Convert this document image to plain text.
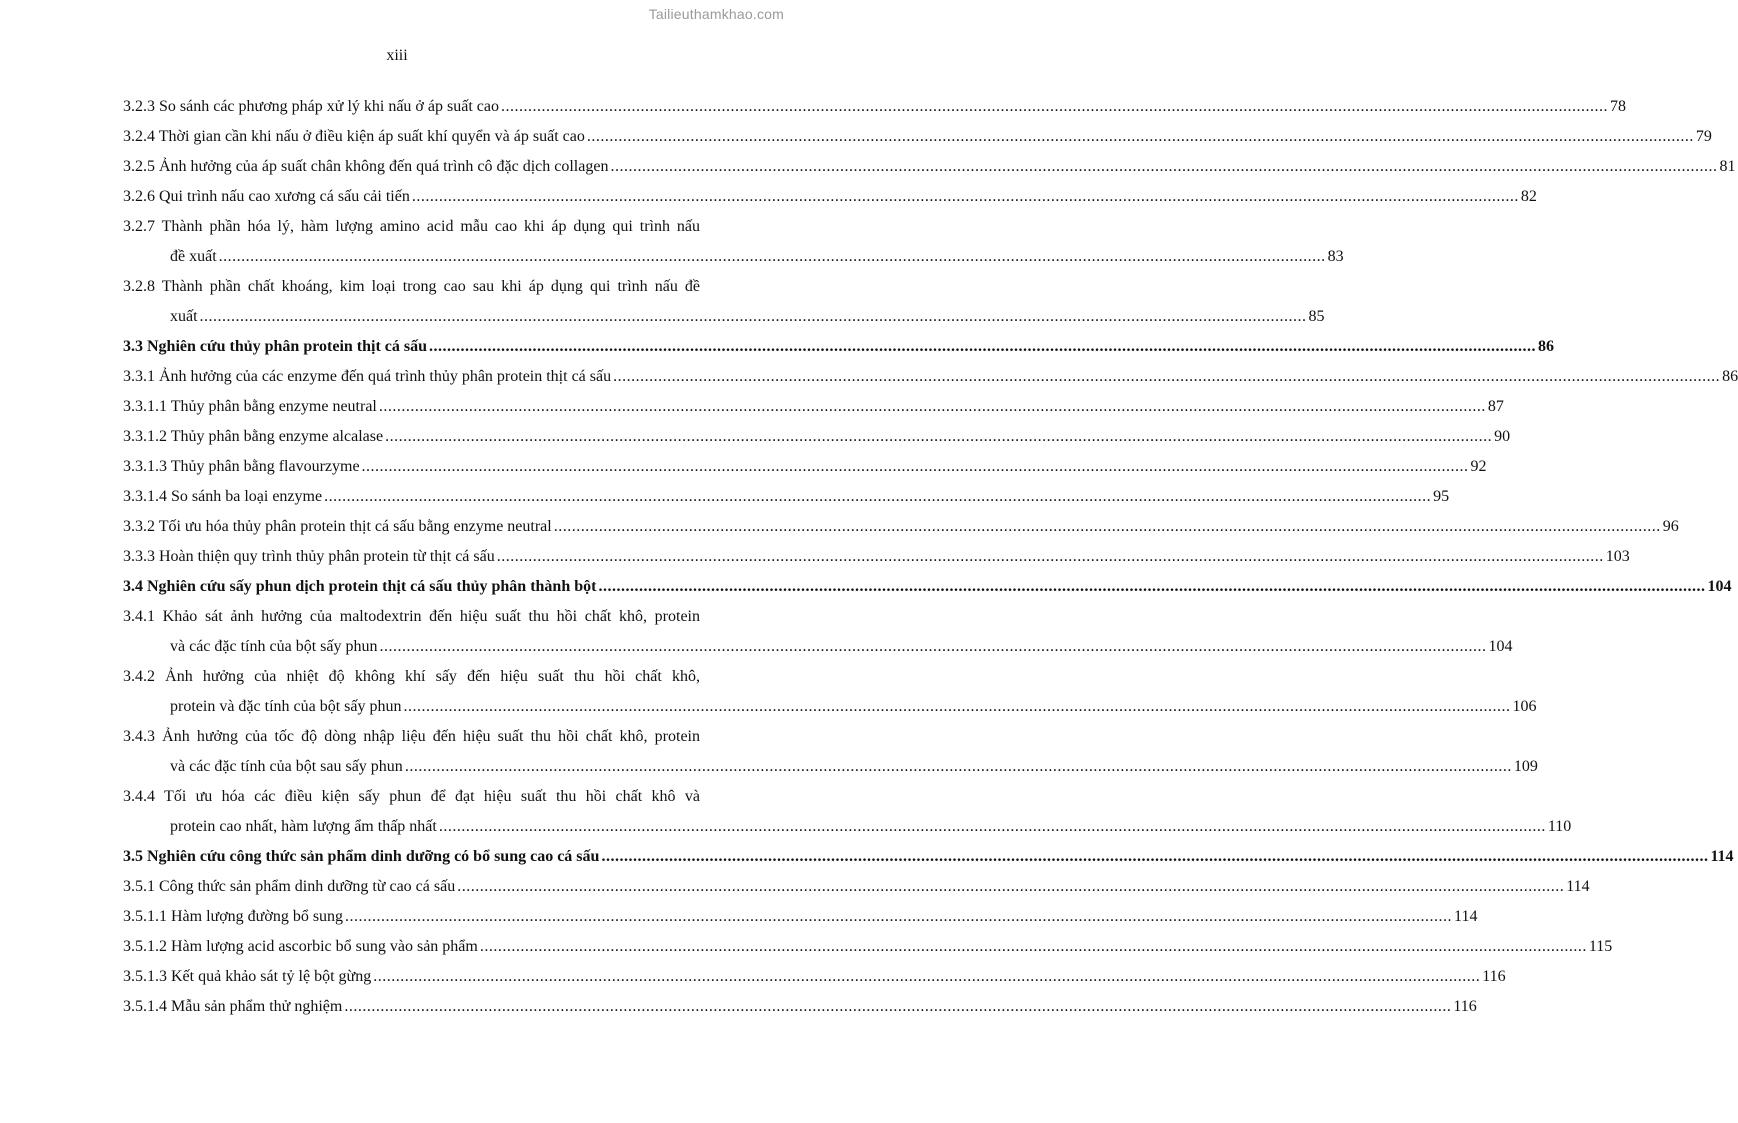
Tailieuthamkhao.com
xiii
3.2.3 So sánh các phương pháp xử lý khi nấu ở áp suất cao .....	78
3.2.4 Thời gian cần khi nấu ở điều kiện áp suất khí quyển và áp suất cao .....	79
3.2.5 Ảnh hưởng của áp suất chân không đến quá trình cô đặc dịch collagen .....	81
3.2.6 Qui trình nấu cao xương cá sấu cải tiến .....	82
3.2.7 Thành phần hóa lý, hàm lượng amino acid mẫu cao khi áp dụng qui trình nấu
đề xuất .....	83
3.2.8 Thành phần chất khoáng, kim loại trong cao sau khi áp dụng qui trình nấu đề
xuất .....	85
3.3 Nghiên cứu thủy phân protein thịt cá sấu .....	86
3.3.1 Ảnh hưởng của các enzyme đến quá trình thủy phân protein thịt cá sấu .....	86
3.3.1.1 Thủy phân bằng enzyme neutral .....	87
3.3.1.2 Thủy phân bằng enzyme alcalase .....	90
3.3.1.3 Thủy phân bằng flavourzyme .....	92
3.3.1.4 So sánh ba loại enzyme .....	95
3.3.2 Tối ưu hóa thủy phân protein thịt cá sấu bằng enzyme neutral .....	96
3.3.3 Hoàn thiện quy trình thủy phân protein từ thịt cá sấu .....	103
3.4 Nghiên cứu sấy phun dịch protein thịt cá sấu thủy phân thành bột .....	104
3.4.1 Khảo sát ảnh hưởng của maltodextrin đến hiệu suất thu hồi chất khô, protein
và các đặc tính của bột sấy phun .....	104
3.4.2 Ảnh hưởng của nhiệt độ không khí sấy đến hiệu suất thu hồi chất khô,
protein và đặc tính của bột sấy phun .....	106
3.4.3 Ảnh hưởng của tốc độ dòng nhập liệu đến hiệu suất thu hồi chất khô, protein
và các đặc tính của bột sau sấy phun .....	109
3.4.4 Tối ưu hóa các điều kiện sấy phun để đạt hiệu suất thu hồi chất khô và
protein cao nhất, hàm lượng ẩm thấp nhất .....	110
3.5 Nghiên cứu công thức sản phẩm dinh dưỡng có bổ sung cao cá sấu .....	114
3.5.1 Công thức sản phẩm dinh dưỡng từ cao cá sấu .....	114
3.5.1.1 Hàm lượng đường bổ sung .....	114
3.5.1.2 Hàm lượng acid ascorbic bổ sung vào sản phẩm .....	115
3.5.1.3 Kết quả khảo sát tỷ lệ bột gừng .....	116
3.5.1.4 Mẫu sản phẩm thử nghiệm .....	116
